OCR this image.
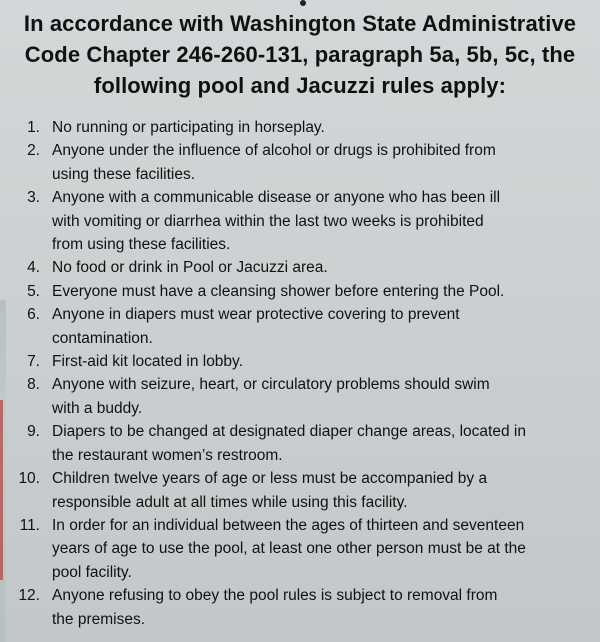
In accordance with Washington State Administrative
Code Chapter 246-260-131, paragraph 5a, 5b, 5c, the
following pool and Jacuzzi rules apply:
1. No running or participating in horseplay.
2. Anyone under the influence of alcohol or drugs is prohibited from
using these facilities.
3. Anyone with a communicable disease or anyone who has been ill
with vomiting or diarrhea within the last two weeks is prohibited
from using these facilities.
4. No food or drink in Pool or Jacuzzi area.
5. Everyone must have a cleansing shower before entering the Pool.
6. Anyone in diapers must wear protective covering to prevent
contamination.
7. First-aid kit located in lobby.
8. Anyone with seizure, heart, or circulatory problems should swim
with a buddy.
9. Diapers to be changed at designated diaper change areas, located in
the restaurant women’s restroom.
10. Children twelve years of age or less must be accompanied by a
responsible adult at all times while using this facility.
11. In order for an individual between the ages of thirteen and seventeen
years of age to use the pool, at least one other person must be at the
pool facility.
12. Anyone refusing to obey the pool rules is subject to removal from
the premises.
